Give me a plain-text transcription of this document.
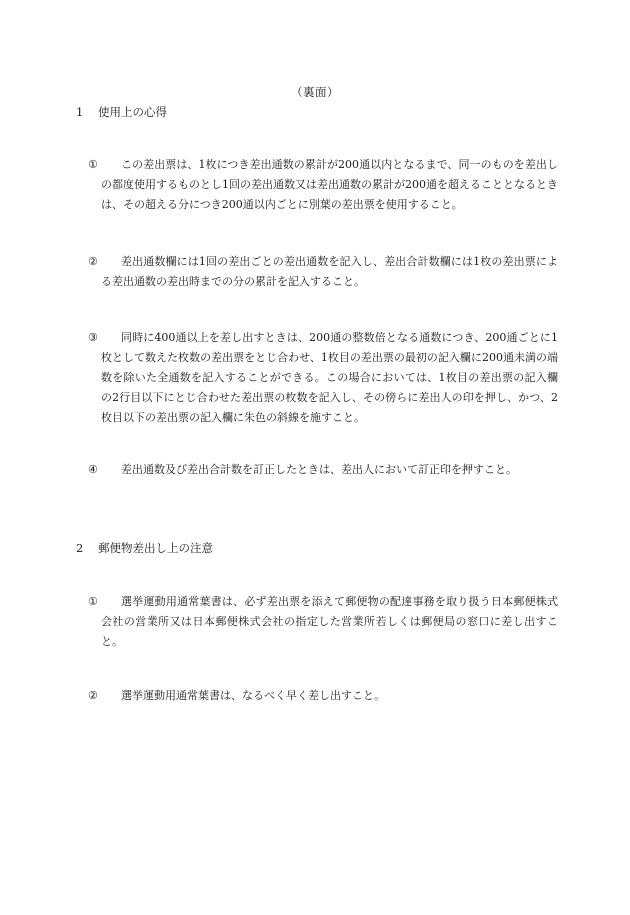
（裏面）
1 使用上の心得
①	この差出票は、1枚につき差出通数の累計が200通以内となるまで、同一のものを差出しの都度使用するものとし1回の差出通数又は差出通数の累計が200通を超えることとなるときは、その超える分につき200通以内ごとに別葉の差出票を使用すること。
②	差出通数欄には1回の差出ごとの差出通数を記入し、差出合計数欄には1枚の差出票による差出通数の差出時までの分の累計を記入すること。
③	同時に400通以上を差し出すときは、200通の整数倍となる通数につき、200通ごとに1枚として数えた枚数の差出票をとじ合わせ、1枚目の差出票の最初の記入欄に200通未満の端数を除いた全通数を記入することができる。この場合においては、1枚目の差出票の記入欄の2行目以下にとじ合わせた差出票の枚数を記入し、その傍らに差出人の印を押し、かつ、2枚目以下の差出票の記入欄に朱色の斜線を施すこと。
④	差出通数及び差出合計数を訂正したときは、差出人において訂正印を押すこと。
2 郵便物差出し上の注意
①	選挙運動用通常葉書は、必ず差出票を添えて郵便物の配達事務を取り扱う日本郵便株式会社の営業所又は日本郵便株式会社の指定した営業所若しくは郵便局の窓口に差し出すこと。
②	選挙運動用通常葉書は、なるべく早く差し出すこと。
